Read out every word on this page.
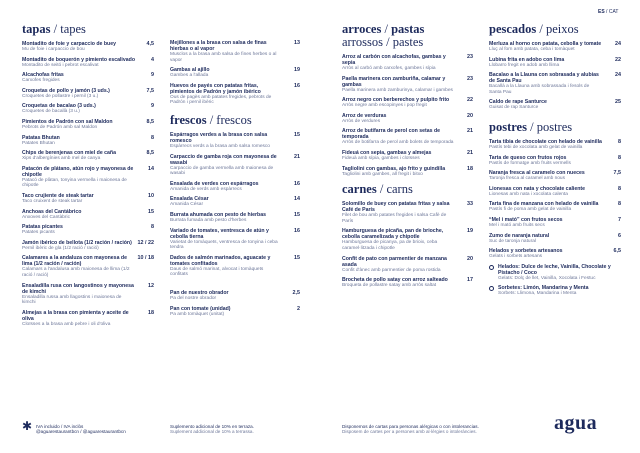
ES / CAT
tapas / tapes
Montadito de foie y carpaccio de buey
Mu de foie i carpaccio de bou
4,5
Montadito de boquerón y pimiento escalivado
Montadito de seitó i pebrot escalivat
4
Alcachofas fritas
Carxofes fregides
9
Croquetas de pollo y jamón (3 uds.)
Croquetes de pollastre i pernil (3 u.)
7,5
Croquetas de bacalao (3 uds.)
Croquetes de bacallà (3 u.)
9
Pimientos de Padrón con sal Maldon
Pebrots de Padrón amb sal Maldon
8,5
Patatas Bhutan
Patates Bhutan
8
Chips de berenjenas con miel de caña
Xips d'albergínies amb mel de canya
8,5
Patacón de plátano, atún rojo y mayonesa de chipotle
Patacó de plàtan, tonyina vermella i maionesa de chipotle
14
Taco crujiente de steak tartar
Taco cruixent de steak tartar
10
Anchoas del Cantábrico
Anxoves del Cantàbric
15
Patatas picantes
Patates picants
8
Jamón ibérico de bellota (1/2 ración / ración)
Pernil ibèric de gla (1/2 ració / ració)
12 / 22
Calamares a la andaluza con mayonesa de lima (1/2 ración / ración)
Calamars a l'andalusa amb maionesa de llima (1/2 ració / ració)
10 / 18
Ensaladilla rusa con langostinos y mayonesa de kimchi
Ensaladilla russa amb llagostins i maionesa de kimchi
12
Almejas a la brasa con pimienta y aceite de oliva
Cloïsses a la brasa amb pebre i oli d'oliva
18
Mejillones a la brasa con salsa de finas hierbas o al vapor
Musclos a la brasa amb salsa de fines herbes o al vapor
13
Gambas al ajillo
Gambes a l'allada
19
Huevos de payés con patatas fritas, pimientos de Padrón y jamón ibérico
Ous de pagès amb patates fregides, pebrots de Padrón i pernil ibèric
16
frescos / frescos
Espárragos verdes a la brasa con salsa romesco
Espàrrecs verds a la brasa amb salsa romesco
15
Carpaccio de gamba roja con mayonesa de wasabi
Carpaccio de gamba vermella amb maionesa de wasabi
21
Ensalada de verdes con espárragos
Amanida de verds amb espàrrecs
16
Ensalada César
Amanida César
14
Burrata ahumada con pesto de hierbas
Burrata fumada amb pesto d'herbes
15
Variado de tomates, ventresca de atún y cebolla tierna
Varietat de tomàquets, ventresca de tonyina i ceba tendra
16
Dados de salmón marinados, aguacate y tomates confitados
Daus de salmó marinat, alvocat i tomàquets confitats
15
Pan de nuestro obrador
Pa del nostre obrador
2,5
Pan con tomate (unidad)
Pa amb tomàquet (unitat)
2
arroces / pastas
arrossos / pastes
Arroz al carbón con alcachofas, gambas y sepia
Arròs al carbó amb carxofes, gambes i sípia
23
Paella marinera con zamburiña, calamar y gambas
Paella marinera amb zamburinya, calamar i gambes
23
Arroz negro con berberechos y pulpito frito
Arròs negre amb escopinyes i pop fregit
22
Arroz de verduras
Arròs de verdures
20
Arroz de butifarra de perol con setas de temporada
Arròs de botifarra de perol amb bolets de temporada
21
Fideuá con sepia, gambas y almejas
Fideuà amb sípia, gambes i cloïsses
21
Tagliolini con gambas, ajo frito y guindilla
Tagliolini amb gambes, all fregit i bitxo
18
carnes / carns
Solomillo de buey con patatas fritas y salsa Café de París
Filet de bou amb patates fregides i salsa Cafè de París
33
Hamburguesa de picaña, pan de brioche, cebolla caramelizada y chipotle
Hamburguesa de picanya, pa de brioix, ceba caramel·litzada i chipotle
19
Confit de pato con parmentier de manzana asada
Confit d'ànec amb parmentier de poma rostida
20
Brocheta de pollo satay con arroz salteado
Broqueta de pollastre satay amb arròs saltat
17
pescados / peixos
Merluza al horno con patata, cebolla y tomate
Lluç al forn amb patata, ceba i tomàquet
24
Lubina frita en adobo con lima
Llobarro fregit en adob amb llima
22
Bacalao a la Llauna con sobrasada y alubias de Santa Pau
Bacallà a la Llauna amb sobrassada i fesols de Santa Pau
24
Caldo de rape Santurce
Guisat de rap Santurce
25
postres / postres
Tarta tibia de chocolate con helado de vainilla
Pastís tebi de xocolata amb gelat de vainilla
8
Tarta de queso con frutos rojos
Pastís de formatge amb fruits vermells
8
Naranja fresca al caramelo con nueces
Taronja fresca al caramel amb nous
7,5
Lionesas con nata y chocolate caliente
Lionesas amb nata i xocolata calenta
8
Tarta fina de manzana con helado de vainilla
Pastís fi de poma amb gelat de vainilla
8
“Mel i mató” con frutos secos
Mel i mató amb fruits secs
7
Zumo de naranja natural
Suc de taronja natural
6
Helados y sorbetes artesanos
Gelats i sorbets artesans
6,5
Helados: Dulce de leche, Vainilla, Chocolate y Pistacho / Coco
Gelats: Dolç de llet, Vainilla, Xocolata i Festuc
Sorbetes: Limón, Mandarina y Menta
Sorbets: Llimona, Mandarina i Menta
✱ IVA incluido / IVA inclòs
@aguarestaurantbcn / @aguarestaurantbcn
Suplemento adicional de 10% en terraza.
Suplement addicional de 10% a terrassa.
Disponemos de cartas para personas alérgicas o con intolerancias.
Disposem de cartes per a persones amb al·lèrgies o intoleràncies.	agua
